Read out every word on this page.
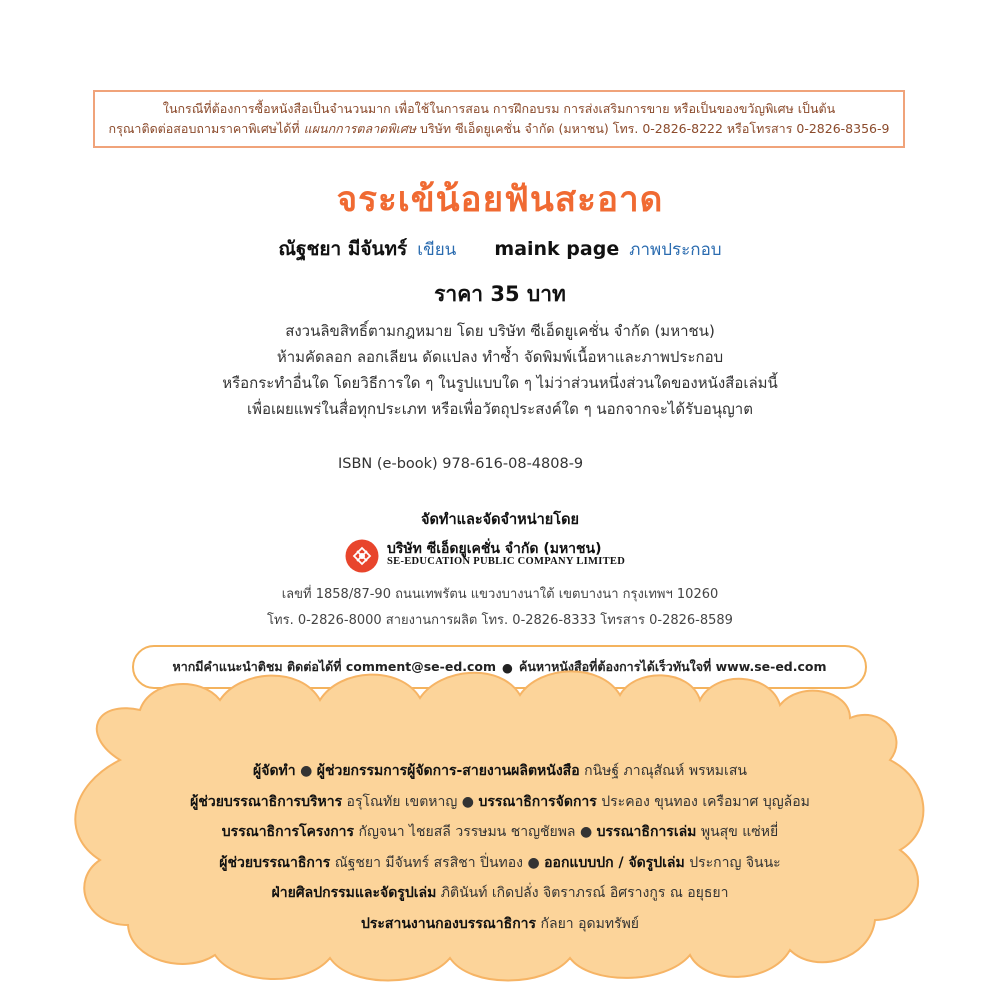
ในกรณีที่ต้องการซื้อหนังสือเป็นจำนวนมาก เพื่อใช้ในการสอน การฝึกอบรม การส่งเสริมการขาย หรือเป็นของขวัญพิเศษ เป็นต้น
กรุณาติดต่อสอบถามราคาพิเศษได้ที่ แผนกการตลาดพิเศษ บริษัท ซีเอ็ดยูเคชั่น จำกัด (มหาชน) โทร. 0-2826-8222 หรือโทรสาร 0-2826-8356-9
จระเข้น้อยฟันสะอาด
ณัฐชยา มีจันทร์ เขียน maink page ภาพประกอบ
ราคา 35 บาท
สงวนลิขสิทธิ์ตามกฎหมาย โดย บริษัท ซีเอ็ดยูเคชั่น จำกัด (มหาชน)
ห้ามคัดลอก ลอกเลียน ดัดแปลง ทำซ้ำ จัดพิมพ์เนื้อหาและภาพประกอบ
หรือกระทำอื่นใด โดยวิธีการใด ๆ ในรูปแบบใด ๆ ไม่ว่าส่วนหนึ่งส่วนใดของหนังสือเล่มนี้
เพื่อเผยแพร่ในสื่อทุกประเภท หรือเพื่อวัตถุประสงค์ใด ๆ นอกจากจะได้รับอนุญาต
ISBN (e-book) 978-616-08-4808-9
จัดทำและจัดจำหน่ายโดย
บริษัท ซีเอ็ดยูเคชั่น จำกัด (มหาชน)
SE-EDUCATION PUBLIC COMPANY LIMITED
เลขที่ 1858/87-90 ถนนเทพรัตน แขวงบางนาใต้ เขตบางนา กรุงเทพฯ 10260
โทร. 0-2826-8000 สายงานการผลิต โทร. 0-2826-8333 โทรสาร 0-2826-8589
หากมีคำแนะนำติชม ติดต่อได้ที่ comment@se-ed.com ● ค้นหาหนังสือที่ต้องการได้เร็วทันใจที่ www.se-ed.com
ผู้จัดทำ ● ผู้ช่วยกรรมการผู้จัดการ-สายงานผลิตหนังสือ กนิษฐ์ ภาณุสัณห์ พรหมเสน
ผู้ช่วยบรรณาธิการบริหาร อรุโณทัย เขตหาญ ● บรรณาธิการจัดการ ประคอง ขุนทอง เครือมาศ บุญล้อม
บรรณาธิการโครงการ กัญจนา ไชยสลี วรรษมน ชาญชัยพล ● บรรณาธิการเล่ม พูนสุข แซ่หยี่
ผู้ช่วยบรรณาธิการ ณัฐชยา มีจันทร์ สรสิชา ปิ่นทอง ● ออกแบบปก / จัดรูปเล่ม ประกาญ จินนะ
ฝ่ายศิลปกรรมและจัดรูปเล่ม ภิตินันท์ เกิดปลั่ง จิตราภรณ์ อิศรางกูร ณ อยุธยา
ประสานงานกองบรรณาธิการ กัลยา อุดมทรัพย์
